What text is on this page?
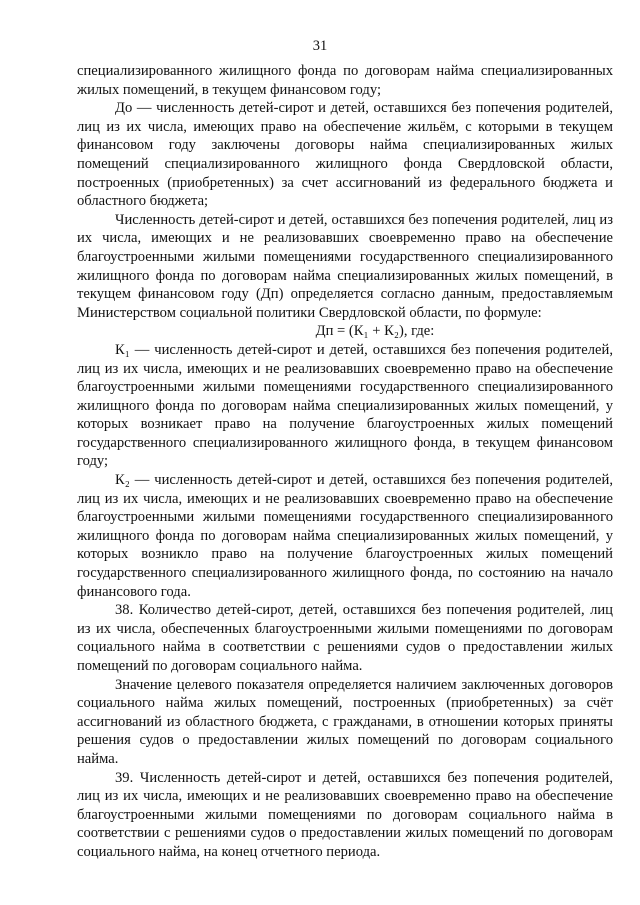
31

специализированного жилищного фонда по договорам найма специализированных жилых помещений, в текущем финансовом году;

До — численность детей-сирот и детей, оставшихся без попечения родителей, лиц из их числа, имеющих право на обеспечение жильём, с которыми в текущем финансовом году заключены договоры найма специализированных жилых помещений специализированного жилищного фонда Свердловской области, построенных (приобретенных) за счет ассигнований из федерального бюджета и областного бюджета;

Численность детей-сирот и детей, оставшихся без попечения родителей, лиц из их числа, имеющих и не реализовавших своевременно право на обеспечение благоустроенными жилыми помещениями государственного специализированного жилищного фонда по договорам найма специализированных жилых помещений, в текущем финансовом году (Дп) определяется согласно данным, предоставляемым Министерством социальной политики Свердловской области, по формуле:

Дп = (К₁ + К₂), где:

К₁ — численность детей-сирот и детей, оставшихся без попечения родителей, лиц из их числа, имеющих и не реализовавших своевременно право на обеспечение благоустроенными жилыми помещениями государственного специализированного жилищного фонда по договорам найма специализированных жилых помещений, у которых возникает право на получение благоустроенных жилых помещений государственного специализированного жилищного фонда, в текущем финансовом году;

К₂ — численность детей-сирот и детей, оставшихся без попечения родителей, лиц из их числа, имеющих и не реализовавших своевременно право на обеспечение благоустроенными жилыми помещениями государственного специализированного жилищного фонда по договорам найма специализированных жилых помещений, у которых возникло право на получение благоустроенных жилых помещений государственного специализированного жилищного фонда, по состоянию на начало финансового года.

38. Количество детей-сирот, детей, оставшихся без попечения родителей, лиц из их числа, обеспеченных благоустроенными жилыми помещениями по договорам социального найма в соответствии с решениями судов о предоставлении жилых помещений по договорам социального найма.

Значение целевого показателя определяется наличием заключенных договоров социального найма жилых помещений, построенных (приобретенных) за счёт ассигнований из областного бюджета, с гражданами, в отношении которых приняты решения судов о предоставлении жилых помещений по договорам социального найма.

39. Численность детей-сирот и детей, оставшихся без попечения родителей, лиц из их числа, имеющих и не реализовавших своевременно право на обеспечение благоустроенными жилыми помещениями по договорам социального найма в соответствии с решениями судов о предоставлении жилых помещений по договорам социального найма, на конец отчетного периода.
